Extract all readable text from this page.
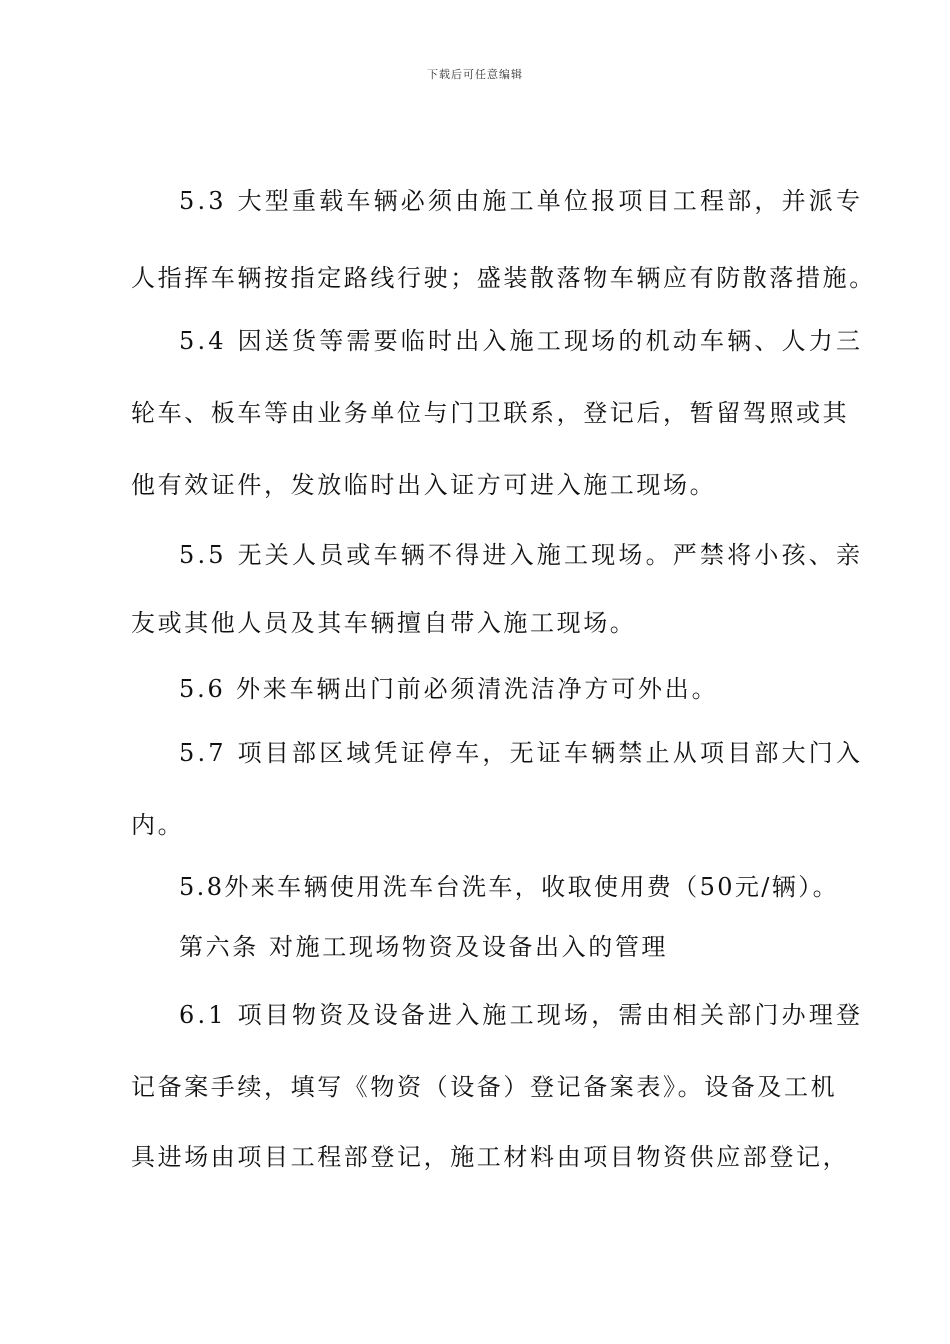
下载后可任意编辑
5.3 大型重载车辆必须由施工单位报项目工程部，并派专
人指挥车辆按指定路线行驶；盛装散落物车辆应有防散落措施。
5.4 因送货等需要临时出入施工现场的机动车辆、人力三
轮车、板车等由业务单位与门卫联系，登记后，暂留驾照或其
他有效证件，发放临时出入证方可进入施工现场。
5.5 无关人员或车辆不得进入施工现场。严禁将小孩、亲
友或其他人员及其车辆擅自带入施工现场。
5.6 外来车辆出门前必须清洗洁净方可外出。
5.7 项目部区域凭证停车，无证车辆禁止从项目部大门入
内。
5.8外来车辆使用洗车台洗车，收取使用费（50元/辆）。
第六条 对施工现场物资及设备出入的管理
6.1 项目物资及设备进入施工现场，需由相关部门办理登
记备案手续，填写《物资（设备）登记备案表》。设备及工机
具进场由项目工程部登记，施工材料由项目物资供应部登记，
